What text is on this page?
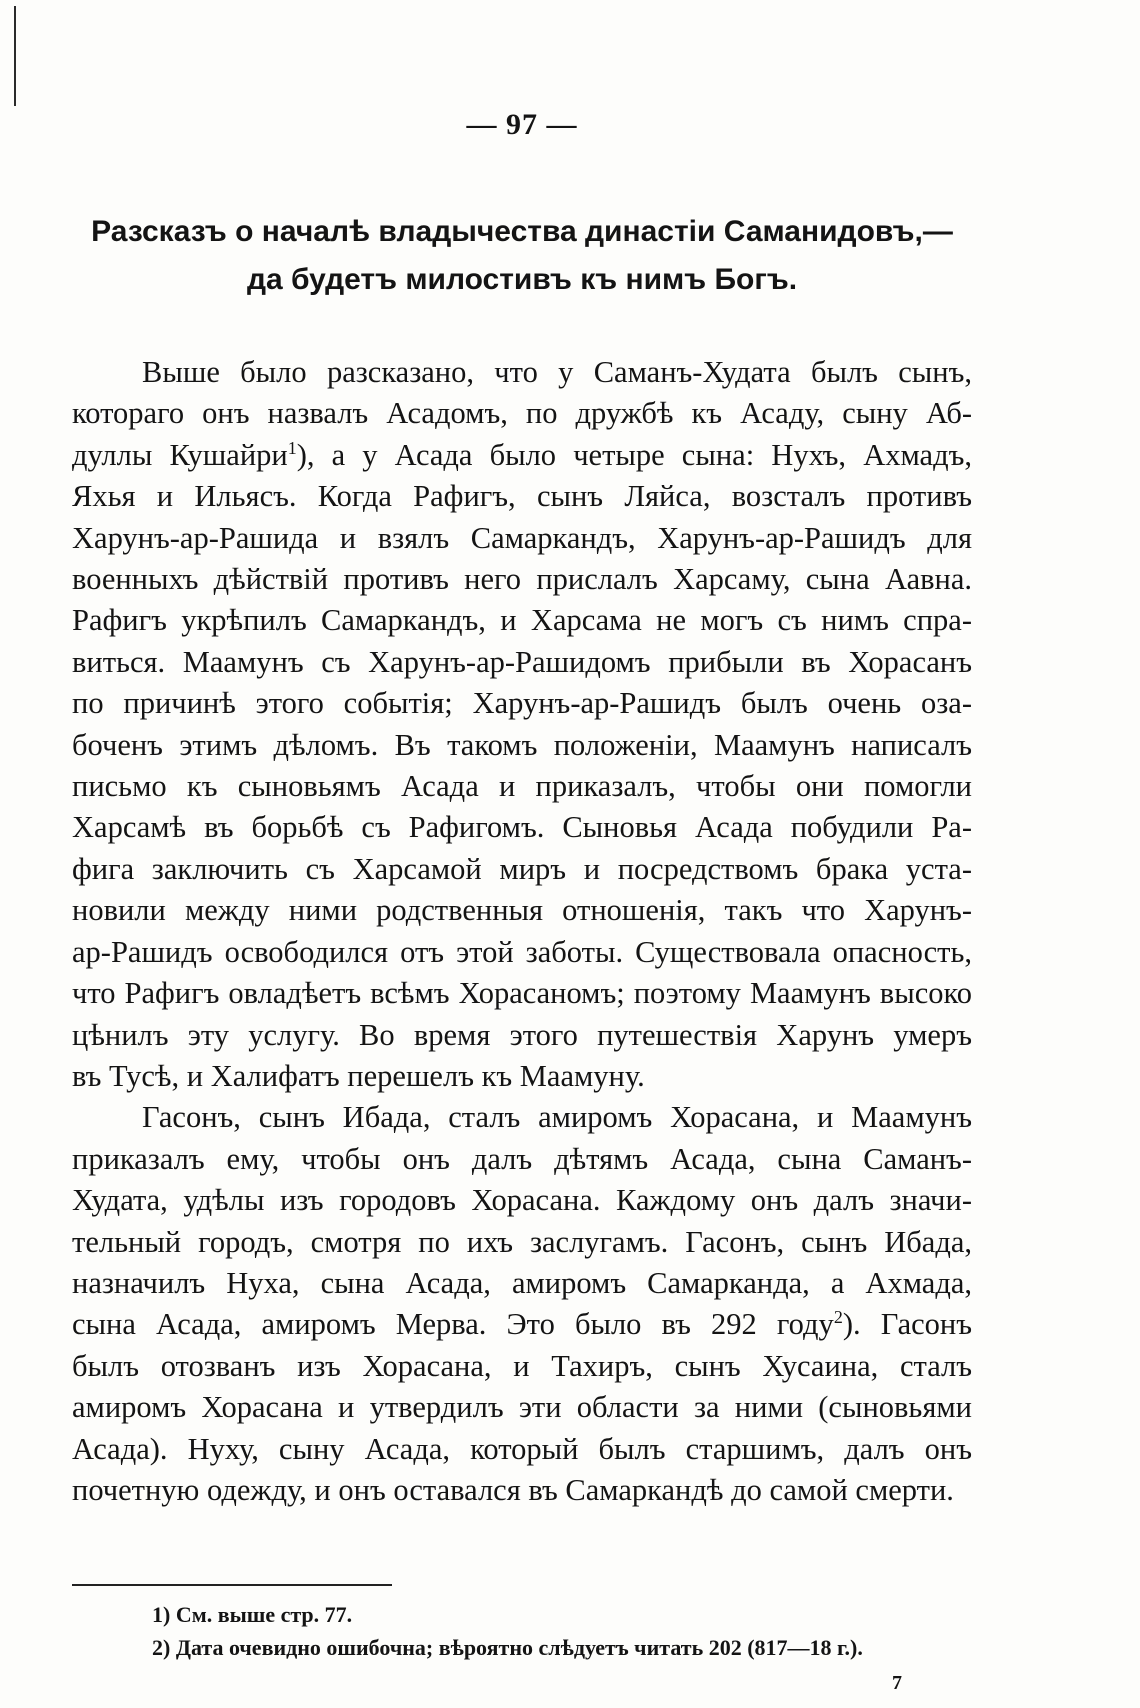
— 97 —
Разсказъ о началѣ владычества династіи Саманидовъ,—
да будетъ милостивъ къ нимъ Богъ.
Выше было разсказано, что у Саманъ-Худата былъ сынъ,
котораго онъ назвалъ Асадомъ, по дружбѣ къ Асаду, сыну Аб-
дуллы Кушайри$^1$), а у Асада было четыре сына: Нухъ, Ахмадъ,
Яхья и Ильясъ. Когда Рафигъ, сынъ Ляйса, возсталъ противъ
Харунъ-ар-Рашида и взялъ Самаркандъ, Харунъ-ар-Рашидъ для
военныхъ дѣйствій противъ него прислалъ Харсаму, сына Аавна.
Рафигъ укрѣпилъ Самаркандъ, и Харсама не могъ съ нимъ спра-
виться. Маамунъ съ Харунъ-ар-Рашидомъ прибыли въ Хорасанъ
по причинѣ этого событія; Харунъ-ар-Рашидъ былъ очень оза-
боченъ этимъ дѣломъ. Въ такомъ положеніи, Маамунъ написалъ
письмо къ сыновьямъ Асада и приказалъ, чтобы они помогли
Харсамѣ въ борьбѣ съ Рафигомъ. Сыновья Асада побудили Ра-
фига заключить съ Харсамой миръ и посредствомъ брака уста-
новили между ними родственныя отношенія, такъ что Харунъ-
ар-Рашидъ освободился отъ этой заботы. Существовала опасность,
что Рафигъ овладѣетъ всѣмъ Хорасаномъ; поэтому Маамунъ высоко
цѣнилъ эту услугу. Во время этого путешествія Харунъ умеръ
въ Тусѣ, и Халифатъ перешелъ къ Маамуну.
Гасонъ, сынъ Ибада, сталъ амиромъ Хорасана, и Маамунъ
приказалъ ему, чтобы онъ далъ дѣтямъ Асада, сына Саманъ-
Худата, удѣлы изъ городовъ Хорасана. Каждому онъ далъ значи-
тельный городъ, смотря по ихъ заслугамъ. Гасонъ, сынъ Ибада,
назначилъ Нуха, сына Асада, амиромъ Самарканда, а Ахмада,
сына Асада, амиромъ Мерва. Это было въ 292 году$^2$). Гасонъ
былъ отозванъ изъ Хорасана, и Тахиръ, сынъ Хусаина, сталъ
амиромъ Хорасана и утвердилъ эти области за ними (сыновьями
Асада). Нуху, сыну Асада, который былъ старшимъ, далъ онъ
почетную одежду, и онъ оставался въ Самаркандѣ до самой смерти.
1) См. выше стр. 77.
2) Дата очевидно ошибочна; вѣроятно слѣдуетъ читать 202 (817—18 г.).
7
